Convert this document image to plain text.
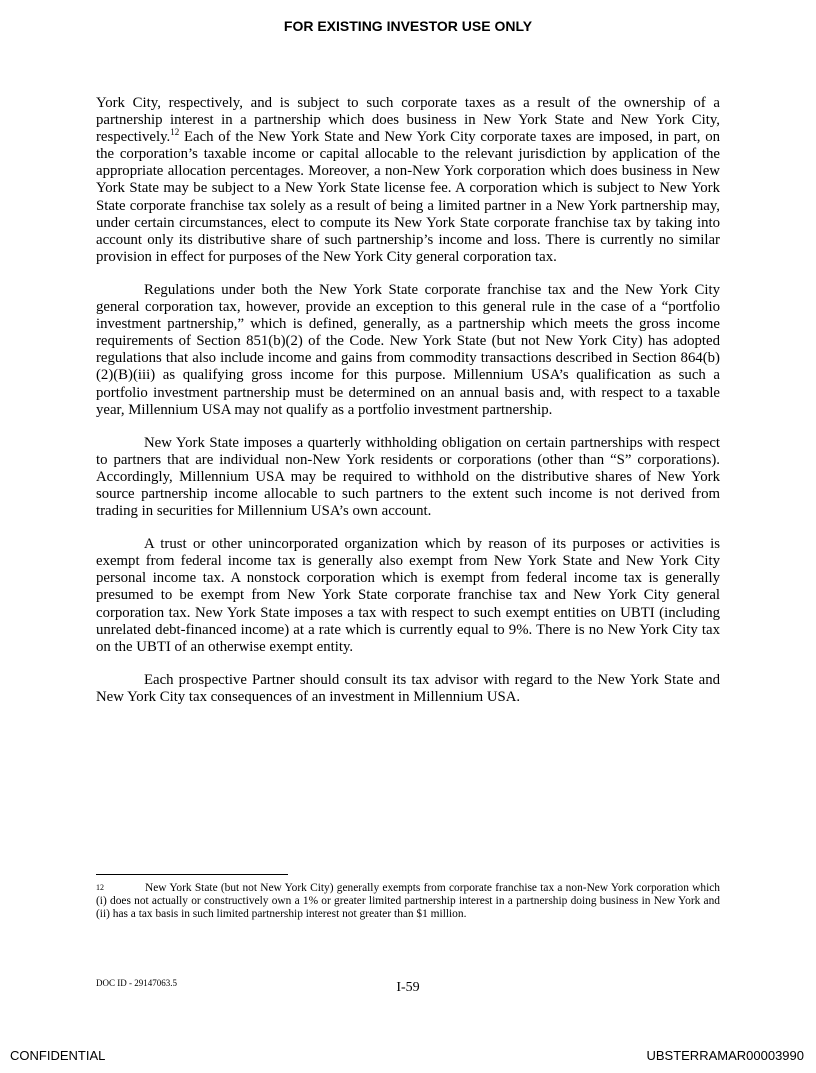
FOR EXISTING INVESTOR USE ONLY

York City, respectively, and is subject to such corporate taxes as a result of the ownership of a partnership interest in a partnership which does business in New York State and New York City, respectively.$^{12}$ Each of the New York State and New York City corporate taxes are imposed, in part, on the corporation’s taxable income or capital allocable to the relevant jurisdiction by application of the appropriate allocation percentages. Moreover, a non-New York corporation which does business in New York State may be subject to a New York State license fee. A corporation which is subject to New York State corporate franchise tax solely as a result of being a limited partner in a New York partnership may, under certain circumstances, elect to compute its New York State corporate franchise tax by taking into account only its distributive share of such partnership’s income and loss. There is currently no similar provision in effect for purposes of the New York City general corporation tax.

Regulations under both the New York State corporate franchise tax and the New York City general corporation tax, however, provide an exception to this general rule in the case of a “portfolio investment partnership,” which is defined, generally, as a partnership which meets the gross income requirements of Section 851(b)(2) of the Code. New York State (but not New York City) has adopted regulations that also include income and gains from commodity transactions described in Section 864(b)(2)(B)(iii) as qualifying gross income for this purpose. Millennium USA’s qualification as such a portfolio investment partnership must be determined on an annual basis and, with respect to a taxable year, Millennium USA may not qualify as a portfolio investment partnership.

New York State imposes a quarterly withholding obligation on certain partnerships with respect to partners that are individual non-New York residents or corporations (other than “S” corporations). Accordingly, Millennium USA may be required to withhold on the distributive shares of New York source partnership income allocable to such partners to the extent such income is not derived from trading in securities for Millennium USA’s own account.

A trust or other unincorporated organization which by reason of its purposes or activities is exempt from federal income tax is generally also exempt from New York State and New York City personal income tax. A nonstock corporation which is exempt from federal income tax is generally presumed to be exempt from New York State corporate franchise tax and New York City general corporation tax. New York State imposes a tax with respect to such exempt entities on UBTI (including unrelated debt-financed income) at a rate which is currently equal to 9%. There is no New York City tax on the UBTI of an otherwise exempt entity.

Each prospective Partner should consult its tax advisor with regard to the New York State and New York City tax consequences of an investment in Millennium USA.

12	New York State (but not New York City) generally exempts from corporate franchise tax a non-New York corporation which (i) does not actually or constructively own a 1% or greater limited partnership interest in a partnership doing business in New York and (ii) has a tax basis in such limited partnership interest not greater than $1 million.
DOC ID - 29147063.5	I-59
CONFIDENTIAL	UBSTERRAMAR00003990
